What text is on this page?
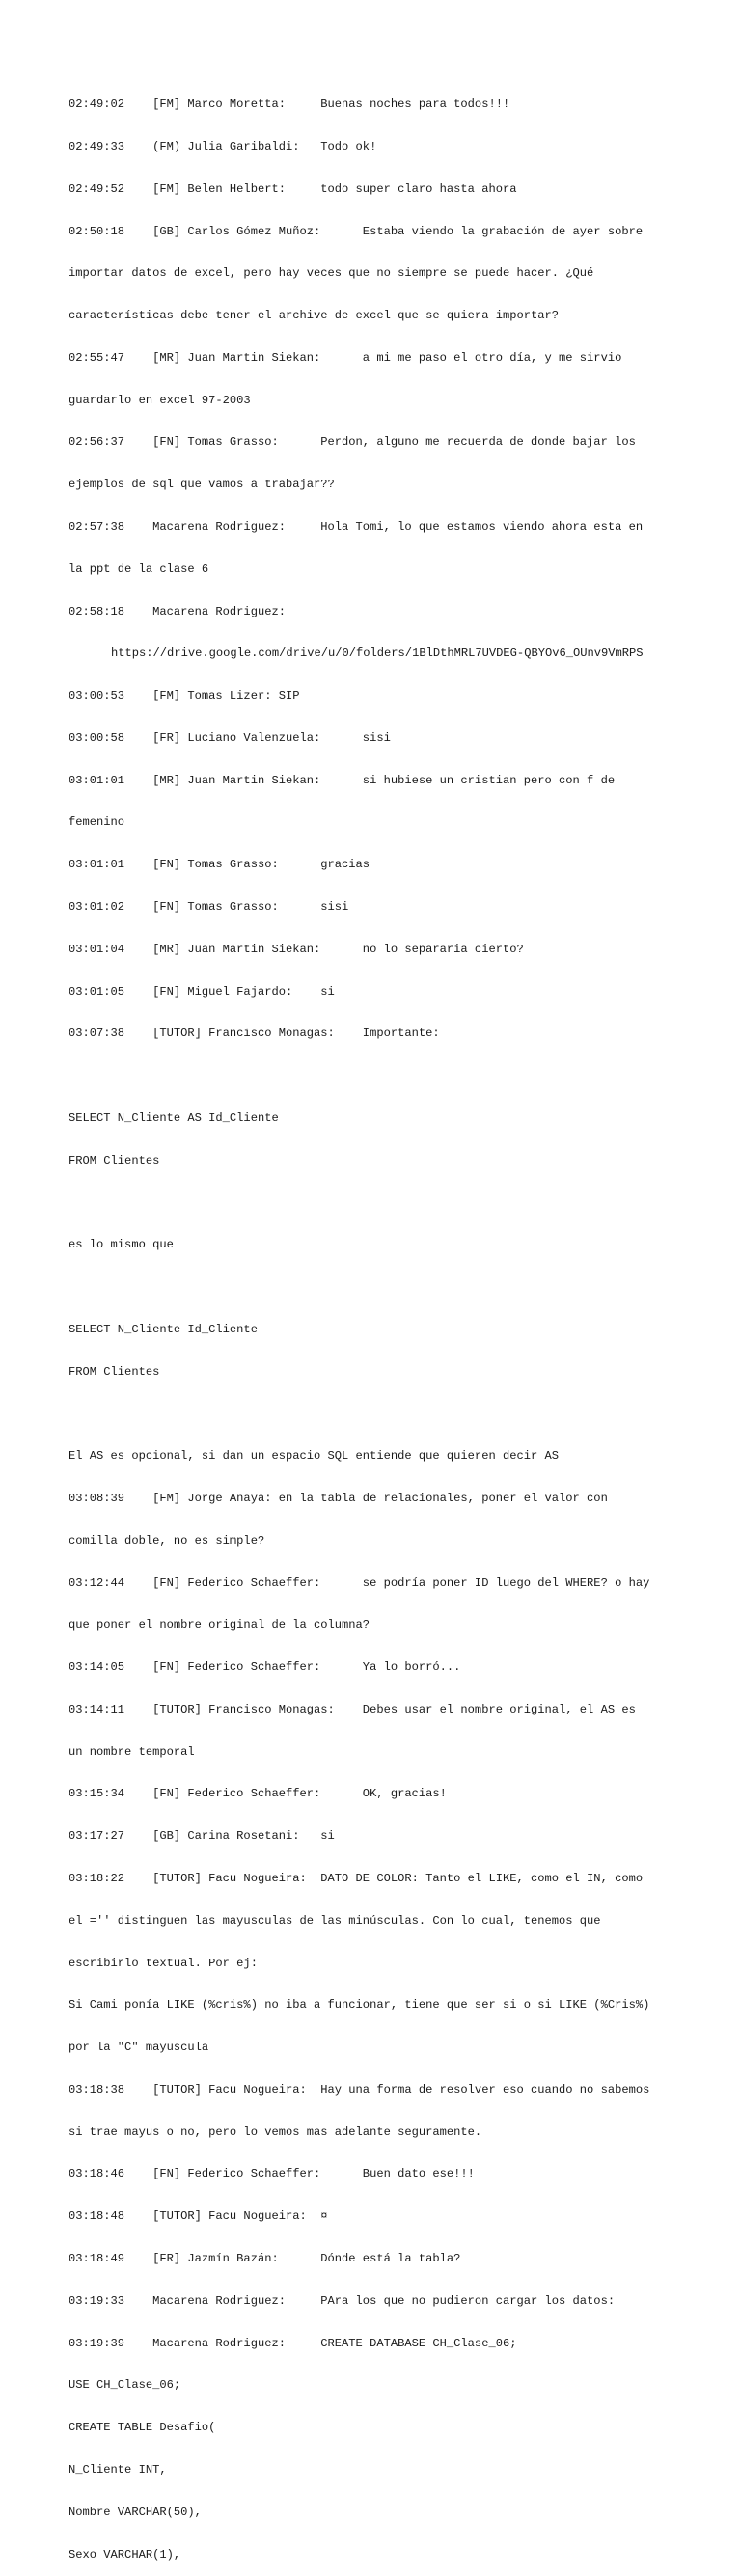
02:49:02    [FM] Marco Moretta:     Buenas noches para todos!!!

02:49:33    (FM) Julia Garibaldi:   Todo ok!

02:49:52    [FM] Belen Helbert:     todo super claro hasta ahora

02:50:18    [GB] Carlos Gómez Muñoz:      Estaba viendo la grabación de ayer sobre

importar datos de excel, pero hay veces que no siempre se puede hacer. ¿Qué

características debe tener el archive de excel que se quiera importar?

02:55:47    [MR] Juan Martin Siekan:      a mi me paso el otro día, y me sirvio

guardarlo en excel 97-2003

02:56:37    [FN] Tomas Grasso:      Perdon, alguno me recuerda de donde bajar los

ejemplos de sql que vamos a trabajar??

02:57:38    Macarena Rodriguez:     Hola Tomi, lo que estamos viendo ahora esta en

la ppt de la clase 6

02:58:18    Macarena Rodriguez:

https://drive.google.com/drive/u/0/folders/1BlDthMRL7UVDEG-QBYOv6_OUnv9VmRPS

03:00:53    [FM] Tomas Lizer: SIP

03:00:58    [FR] Luciano Valenzuela:      sisi

03:01:01    [MR] Juan Martin Siekan:      si hubiese un cristian pero con f de

femenino

03:01:01    [FN] Tomas Grasso:      gracias

03:01:02    [FN] Tomas Grasso:      sisi

03:01:04    [MR] Juan Martin Siekan:      no lo separaria cierto?

03:01:05    [FN] Miguel Fajardo:    si

03:07:38    [TUTOR] Francisco Monagas:    Importante:

SELECT N_Cliente AS Id_Cliente

FROM Clientes

es lo mismo que

SELECT N_Cliente Id_Cliente

FROM Clientes

El AS es opcional, si dan un espacio SQL entiende que quieren decir AS

03:08:39    [FM] Jorge Anaya: en la tabla de relacionales, poner el valor con

comilla doble, no es simple?

03:12:44    [FN] Federico Schaeffer:      se podría poner ID luego del WHERE? o hay

que poner el nombre original de la columna?

03:14:05    [FN] Federico Schaeffer:      Ya lo borró...

03:14:11    [TUTOR] Francisco Monagas:    Debes usar el nombre original, el AS es

un nombre temporal

03:15:34    [FN] Federico Schaeffer:      OK, gracias!

03:17:27    [GB] Carina Rosetani:   si

03:18:22    [TUTOR] Facu Nogueira:  DATO DE COLOR: Tanto el LIKE, como el IN, como

el ='' distinguen las mayusculas de las minúsculas. Con lo cual, tenemos que

escribirlo textual. Por ej:

Si Cami ponía LIKE (%cris%) no iba a funcionar, tiene que ser si o si LIKE (%Cris%)

por la "C" mayuscula

03:18:38    [TUTOR] Facu Nogueira:  Hay una forma de resolver eso cuando no sabemos

si trae mayus o no, pero lo vemos mas adelante seguramente.

03:18:46    [FN] Federico Schaeffer:      Buen dato ese!!!

03:18:48    [TUTOR] Facu Nogueira:  ¤

03:18:49    [FR] Jazmín Bazán:      Dónde está la tabla?

03:19:33    Macarena Rodriguez:     PAra los que no pudieron cargar los datos:

03:19:39    Macarena Rodriguez:     CREATE DATABASE CH_Clase_06;

USE CH_Clase_06;

CREATE TABLE Desafio(

N_Cliente INT,

Nombre VARCHAR(50),

Sexo VARCHAR(1),
